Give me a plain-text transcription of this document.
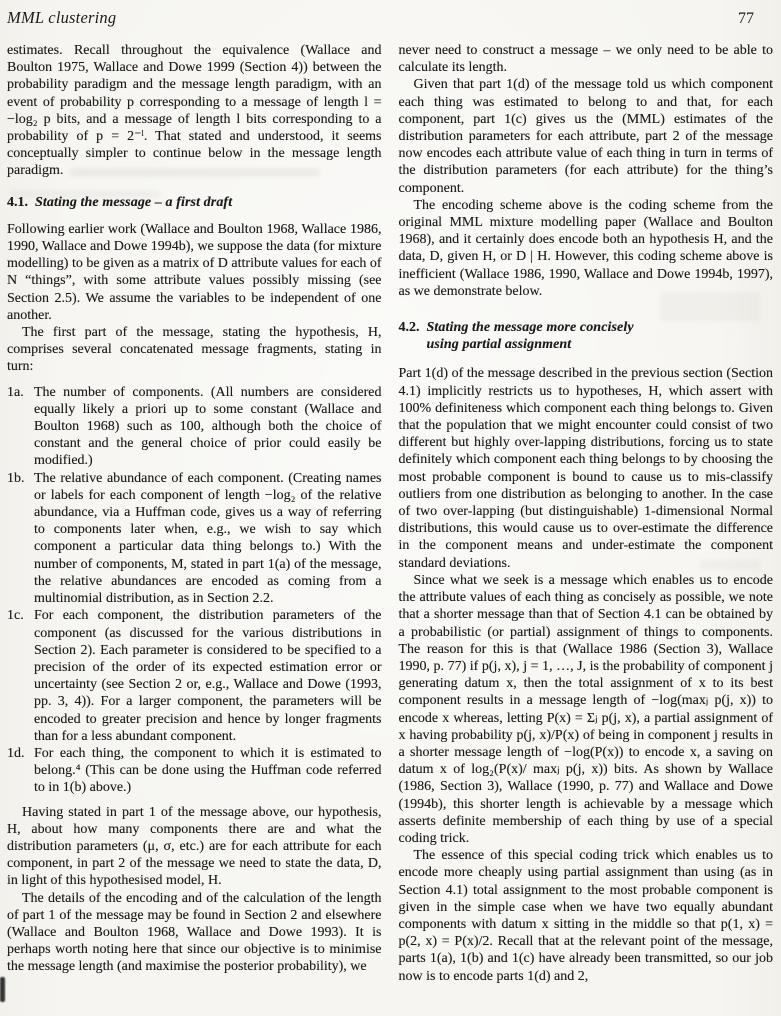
MML clustering	77

estimates. Recall throughout the equivalence (Wallace and Boulton 1975, Wallace and Dowe 1999 (Section 4)) between the probability paradigm and the message length paradigm, with an event of probability p corresponding to a message of length l = −log₂ p bits, and a message of length l bits corresponding to a probability of p = 2⁻ˡ. That stated and understood, it seems conceptually simpler to continue below in the message length paradigm.

4.1. Stating the message – a first draft

Following earlier work (Wallace and Boulton 1968, Wallace 1986, 1990, Wallace and Dowe 1994b), we suppose the data (for mixture modelling) to be given as a matrix of D attribute values for each of N “things”, with some attribute values possibly missing (see Section 2.5). We assume the variables to be independent of one another.

The first part of the message, stating the hypothesis, H, comprises several concatenated message fragments, stating in turn:

1a. The number of components. (All numbers are considered equally likely a priori up to some constant (Wallace and Boulton 1968) such as 100, although both the choice of constant and the general choice of prior could easily be modified.)
1b. The relative abundance of each component. (Creating names or labels for each component of length −log₂ of the relative abundance, via a Huffman code, gives us a way of referring to components later when, e.g., we wish to say which component a particular data thing belongs to.) With the number of components, M, stated in part 1(a) of the message, the relative abundances are encoded as coming from a multinomial distribution, as in Section 2.2.
1c. For each component, the distribution parameters of the component (as discussed for the various distributions in Section 2). Each parameter is considered to be specified to a precision of the order of its expected estimation error or uncertainty (see Section 2 or, e.g., Wallace and Dowe (1993, pp. 3, 4)). For a larger component, the parameters will be encoded to greater precision and hence by longer fragments than for a less abundant component.
1d. For each thing, the component to which it is estimated to belong.⁴ (This can be done using the Huffman code referred to in 1(b) above.)

Having stated in part 1 of the message above, our hypothesis, H, about how many components there are and what the distribution parameters (μ, σ, etc.) are for each attribute for each component, in part 2 of the message we need to state the data, D, in light of this hypothesised model, H.

The details of the encoding and of the calculation of the length of part 1 of the message may be found in Section 2 and elsewhere (Wallace and Boulton 1968, Wallace and Dowe 1993). It is perhaps worth noting here that since our objective is to minimise the message length (and maximise the posterior probability), we

never need to construct a message – we only need to be able to calculate its length.

Given that part 1(d) of the message told us which component each thing was estimated to belong to and that, for each component, part 1(c) gives us the (MML) estimates of the distribution parameters for each attribute, part 2 of the message now encodes each attribute value of each thing in turn in terms of the distribution parameters (for each attribute) for the thing’s component.

The encoding scheme above is the coding scheme from the original MML mixture modelling paper (Wallace and Boulton 1968), and it certainly does encode both an hypothesis H, and the data, D, given H, or D | H. However, this coding scheme above is inefficient (Wallace 1986, 1990, Wallace and Dowe 1994b, 1997), as we demonstrate below.

4.2. Stating the message more concisely
using partial assignment

Part 1(d) of the message described in the previous section (Section 4.1) implicitly restricts us to hypotheses, H, which assert with 100% definiteness which component each thing belongs to. Given that the population that we might encounter could consist of two different but highly over-lapping distributions, forcing us to state definitely which component each thing belongs to by choosing the most probable component is bound to cause us to mis-classify outliers from one distribution as belonging to another. In the case of two over-lapping (but distinguishable) 1-dimensional Normal distributions, this would cause us to over-estimate the difference in the component means and under-estimate the component standard deviations.

Since what we seek is a message which enables us to encode the attribute values of each thing as concisely as possible, we note that a shorter message than that of Section 4.1 can be obtained by a probabilistic (or partial) assignment of things to components. The reason for this is that (Wallace 1986 (Section 3), Wallace 1990, p. 77) if p(j, x), j = 1, …, J, is the probability of component j generating datum x, then the total assignment of x to its best component results in a message length of −log(maxⱼ p(j, x)) to encode x whereas, letting P(x) = Σⱼ p(j, x), a partial assignment of x having probability p(j, x)/P(x) of being in component j results in a shorter message length of −log(P(x)) to encode x, a saving on datum x of log₂(P(x)/ maxⱼ p(j, x)) bits. As shown by Wallace (1986, Section 3), Wallace (1990, p. 77) and Wallace and Dowe (1994b), this shorter length is achievable by a message which asserts definite membership of each thing by use of a special coding trick.

The essence of this special coding trick which enables us to encode more cheaply using partial assignment than using (as in Section 4.1) total assignment to the most probable component is given in the simple case when we have two equally abundant components with datum x sitting in the middle so that p(1, x) = p(2, x) = P(x)/2. Recall that at the relevant point of the message, parts 1(a), 1(b) and 1(c) have already been transmitted, so our job now is to encode parts 1(d) and 2,
